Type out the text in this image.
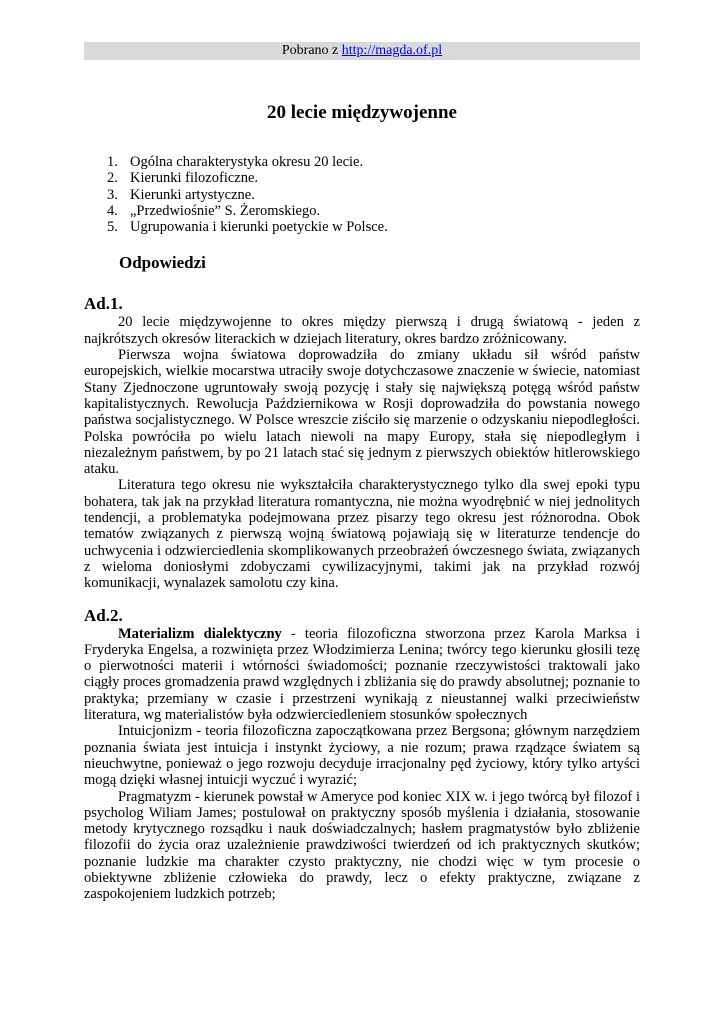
Pobrano z http://magda.of.pl
20 lecie międzywojenne
1. Ogólna charakterystyka okresu 20 lecie.
2. Kierunki filozoficzne.
3. Kierunki artystyczne.
4. „Przedwiośnie” S. Żeromskiego.
5. Ugrupowania i kierunki poetyckie w Polsce.
Odpowiedzi
Ad.1.

20 lecie międzywojenne to okres między pierwszą i drugą światową - jeden z najkrótszych okresów literackich w dziejach literatury, okres bardzo zróżnicowany.

Pierwsza wojna światowa doprowadziła do zmiany układu sił wśród państw europejskich, wielkie mocarstwa utraciły swoje dotychczasowe znaczenie w świecie, natomiast Stany Zjednoczone ugruntowały swoją pozycję i stały się największą potęgą wśród państw kapitalistycznych. Rewolucja Październikowa w Rosji doprowadziła do powstania nowego państwa socjalistycznego. W Polsce wreszcie ziściło się marzenie o odzyskaniu niepodległości. Polska powróciła po wielu latach niewoli na mapy Europy, stała się niepodległym i niezależnym państwem, by po 21 latach stać się jednym z pierwszych obiektów hitlerowskiego ataku.

Literatura tego okresu nie wykształciła charakterystycznego tylko dla swej epoki typu bohatera, tak jak na przykład literatura romantyczna, nie można wyodrębnić w niej jednolitych tendencji, a problematyka podejmowana przez pisarzy tego okresu jest różnorodna. Obok tematów związanych z pierwszą wojną światową pojawiają się w literaturze tendencje do uchwycenia i odzwierciedlenia skomplikowanych przeobrażeń ówczesnego świata, związanych z wieloma doniosłymi zdobyczami cywilizacyjnymi, takimi jak na przykład rozwój komunikacji, wynalazek samolotu czy kina.

Ad.2.

Materializm dialektyczny - teoria filozoficzna stworzona przez Karola Marksa i Fryderyka Engelsa, a rozwinięta przez Włodzimierza Lenina; twórcy tego kierunku głosili tezę o pierwotności materii i wtórności świadomości; poznanie rzeczywistości traktowali jako ciągły proces gromadzenia prawd względnych i zbliżania się do prawdy absolutnej; poznanie to praktyka; przemiany w czasie i przestrzeni wynikają z nieustannej walki przeciwieństw literatura, wg materialistów była odzwierciedleniem stosunków społecznych

Intuicjonizm - teoria filozoficzna zapoczątkowana przez Bergsona; głównym narzędziem poznania świata jest intuicja i instynkt życiowy, a nie rozum; prawa rządzące światem są nieuchwytne, ponieważ o jego rozwoju decyduje irracjonalny pęd życiowy, który tylko artyści mogą dzięki własnej intuicji wyczuć i wyrazić;

Pragmatyzm - kierunek powstał w Ameryce pod koniec XIX w. i jego twórcą był filozof i psycholog Wiliam James; postulował on praktyczny sposób myślenia i działania, stosowanie metody krytycznego rozsądku i nauk doświadczalnych; hasłem pragmatystów było zbliżenie filozofii do życia oraz uzależnienie prawdziwości twierdzeń od ich praktycznych skutków; poznanie ludzkie ma charakter czysto praktyczny, nie chodzi więc w tym procesie o obiektywne zbliżenie człowieka do prawdy, lecz o efekty praktyczne, związane z zaspokojeniem ludzkich potrzeb;
